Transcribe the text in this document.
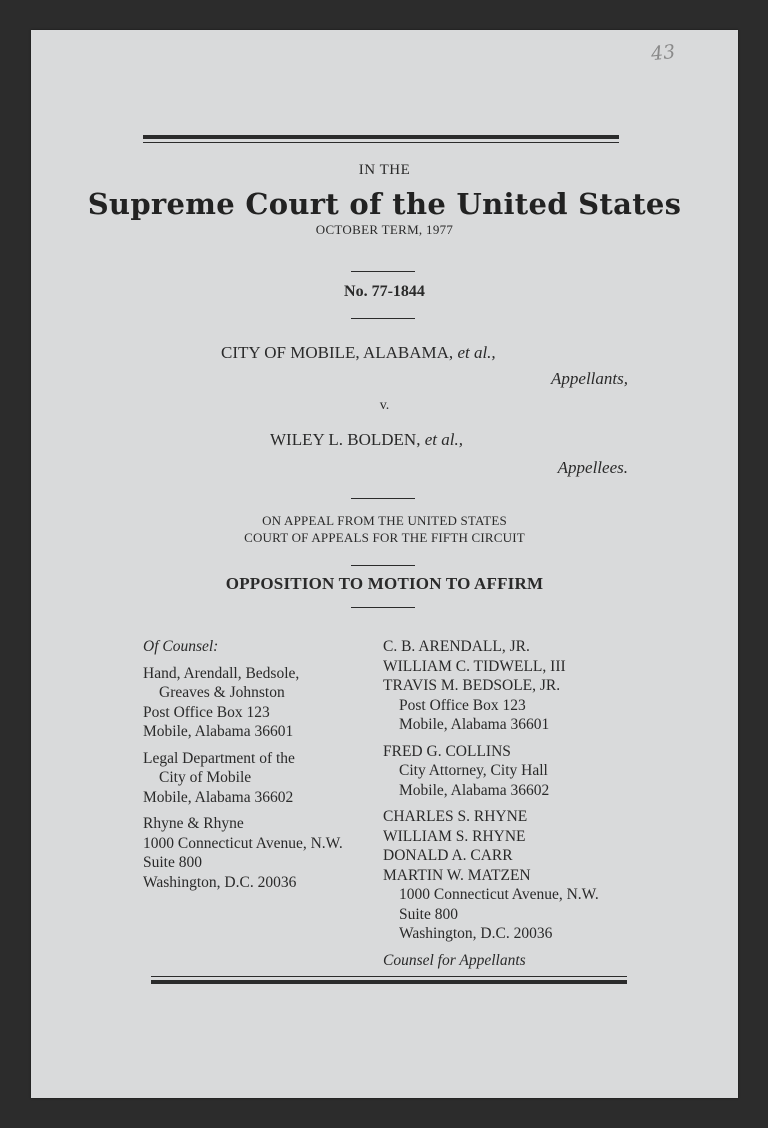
43
IN THE
Supreme Court of the United States
OCTOBER TERM, 1977
No. 77-1844
CITY OF MOBILE, ALABAMA, et al.,
Appellants,
v.
WILEY L. BOLDEN, et al.,
Appellees.
ON APPEAL FROM THE UNITED STATES
COURT OF APPEALS FOR THE FIFTH CIRCUIT
OPPOSITION TO MOTION TO AFFIRM

Of Counsel:

Hand, Arendall, Bedsole,

Greaves & Johnston

Post Office Box 123

Mobile, Alabama 36601

Legal Department of the

City of Mobile

Mobile, Alabama 36602

Rhyne & Rhyne

1000 Connecticut Avenue, N.W.

Suite 800

Washington, D.C. 20036

C. B. ARENDALL, JR.

WILLIAM C. TIDWELL, III

TRAVIS M. BEDSOLE, JR.

Post Office Box 123

Mobile, Alabama 36601

FRED G. COLLINS

City Attorney, City Hall

Mobile, Alabama 36602

CHARLES S. RHYNE

WILLIAM S. RHYNE

DONALD A. CARR

MARTIN W. MATZEN

1000 Connecticut Avenue, N.W.

Suite 800

Washington, D.C. 20036

Counsel for Appellants
